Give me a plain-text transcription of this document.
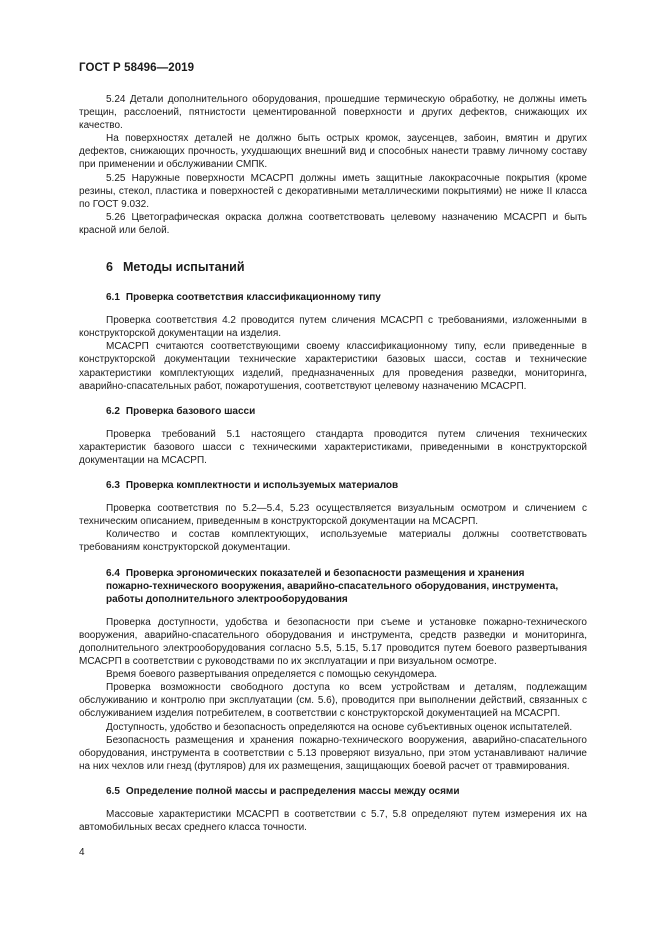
ГОСТ Р 58496—2019

5.24 Детали дополнительного оборудования, прошедшие термическую обработку, не должны иметь трещин, расслоений, пятнистости цементированной поверхности и других дефектов, снижающих их качество.

На поверхностях деталей не должно быть острых кромок, заусенцев, забоин, вмятин и других дефектов, снижающих прочность, ухудшающих внешний вид и способных нанести травму личному составу при применении и обслуживании СМПК.

5.25 Наружные поверхности МСАСРП должны иметь защитные лакокрасочные покрытия (кроме резины, стекол, пластика и поверхностей с декоративными металлическими покрытиями) не ниже II класса по ГОСТ 9.032.

5.26 Цветографическая окраска должна соответствовать целевому назначению МСАСРП и быть красной или белой.

6 Методы испытаний
6.1 Проверка соответствия классификационному типу

Проверка соответствия 4.2 проводится путем сличения МСАСРП с требованиями, изложенными в конструкторской документации на изделия.

МСАСРП считаются соответствующими своему классификационному типу, если приведенные в конструкторской документации технические характеристики базовых шасси, состав и технические характеристики комплектующих изделий, предназначенных для проведения разведки, мониторинга, аварийно-спасательных работ, пожаротушения, соответствуют целевому назначению МСАСРП.

6.2 Проверка базового шасси

Проверка требований 5.1 настоящего стандарта проводится путем сличения технических характеристик базового шасси с техническими характеристиками, приведенными в конструкторской документации на МСАСРП.

6.3 Проверка комплектности и используемых материалов

Проверка соответствия по 5.2—5.4, 5.23 осуществляется визуальным осмотром и сличением с техническим описанием, приведенным в конструкторской документации на МСАСРП.

Количество и состав комплектующих, используемые материалы должны соответствовать требованиям конструкторской документации.

6.4 Проверка эргономических показателей и безопасности размещения и хранения
пожарно-технического вооружения, аварийно-спасательного оборудования, инструмента,
работы дополнительного электрооборудования

Проверка доступности, удобства и безопасности при съеме и установке пожарно-технического вооружения, аварийно-спасательного оборудования и инструмента, средств разведки и мониторинга, дополнительного электрооборудования согласно 5.5, 5.15, 5.17 проводится путем боевого развертывания МСАСРП в соответствии с руководствами по их эксплуатации и при визуальном осмотре.

Время боевого развертывания определяется с помощью секундомера.

Проверка возможности свободного доступа ко всем устройствам и деталям, подлежащим обслуживанию и контролю при эксплуатации (см. 5.6), проводится при выполнении действий, связанных с обслуживанием изделия потребителем, в соответствии с конструкторской документацией на МСАСРП.

Доступность, удобство и безопасность определяются на основе субъективных оценок испытателей.

Безопасность размещения и хранения пожарно-технического вооружения, аварийно-спасательного оборудования, инструмента в соответствии с 5.13 проверяют визуально, при этом устанавливают наличие на них чехлов или гнезд (футляров) для их размещения, защищающих боевой расчет от травмирования.

6.5 Определение полной массы и распределения массы между осями

Массовые характеристики МСАСРП в соответствии с 5.7, 5.8 определяют путем измерения их на автомобильных весах среднего класса точности.

4
